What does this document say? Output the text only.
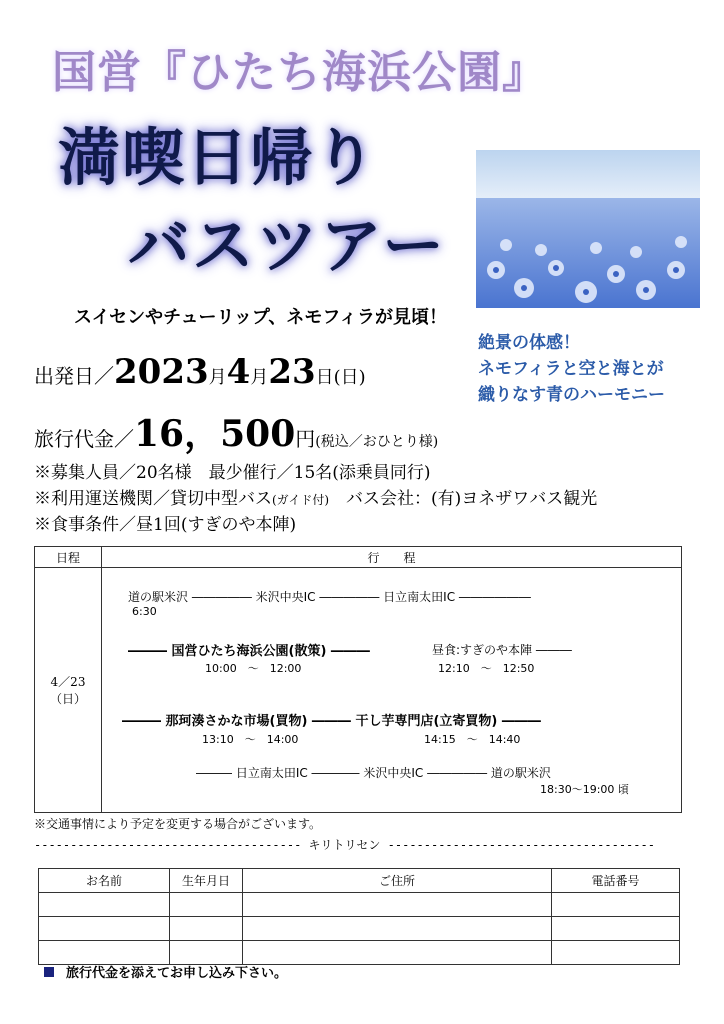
国営『ひたち海浜公園』
満喫日帰り
バスツアー
スイセンやチューリップ、ネモフィラが見頃！
絶景の体感！
ネモフィラと空と海とが
織りなす青のハーモニー
出発日／2023月4月23日(日)
旅行代金／16，500円(税込／おひとり様)
※募集人員／20名様　最少催行／15名(添乗員同行)
※利用運送機関／貸切中型バス(ガイド付)　 バス会社：(有)ヨネザワバス観光
※食事条件／昼1回(すぎのや本陣)
日程	行　　程

4／23
（日）	

道の駅米沢 ――――― 米沢中央IC ――――― 日立南太田IC ――――――
6:30
――― 国営ひたち海浜公園(散策) ―――	昼食:すぎのや本陣 ―――
10:00　～　12:00	12:10　～　12:50
――― 那珂湊さかな市場(買物) ――― 干し芋専門店(立寄買物) ―――
13:10　～　14:00	14:15　～　14:40
――― 日立南太田IC ―――― 米沢中央IC ――――― 道の駅米沢
18:30～19:00 頃
※交通事情により予定を変更する場合がございます。
------------------------------------- キリトリセン -------------------------------------
お名前	生年月日	ご住所	電話番号

旅行代金を添えてお申し込み下さい。
